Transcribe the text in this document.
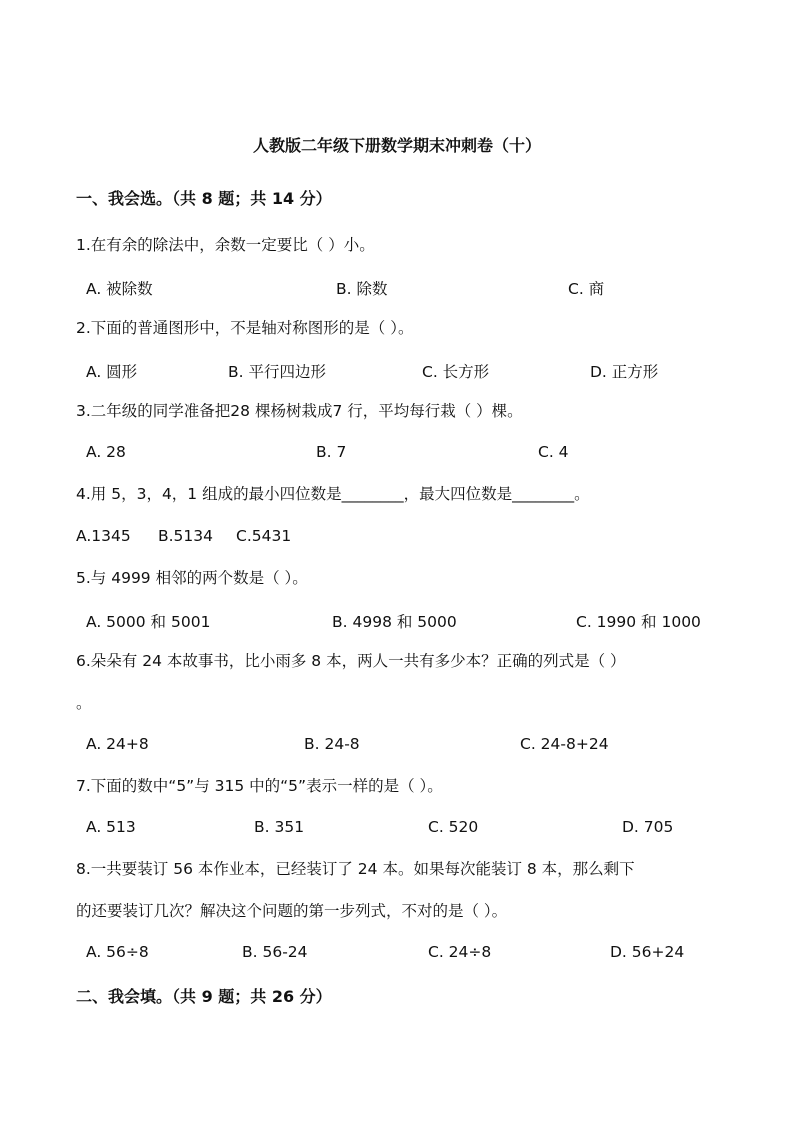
人教版二年级下册数学期末冲刺卷（十）
一、我会选。（共 8 题；共 14 分）
1.在有余的除法中，余数一定要比（ ）小。
A. 被除数	B. 除数	C. 商
2.下面的普通图形中，不是轴对称图形的是（ ）。
A. 圆形	B. 平行四边形	C. 长方形	D. 正方形
3.二年级的同学准备把28 棵杨树栽成7 行，平均每行栽（ ）棵。
A. 28	B. 7	C. 4
4.用 5，3，4，1 组成的最小四位数是________，最大四位数是________。
A.1345 B.5134 C.5431
5.与 4999 相邻的两个数是（ ）。
A. 5000 和 5001	B. 4998 和 5000	C. 1990 和 1000
6.朵朵有 24 本故事书，比小雨多 8 本，两人一共有多少本？正确的列式是（ ）
。
A. 24+8	B. 24-8	C. 24-8+24
7.下面的数中“5”与 315 中的“5”表示一样的是（ ）。
A. 513	B. 351	C. 520	D. 705
8.一共要装订 56 本作业本，已经装订了 24 本。如果每次能装订 8 本，那么剩下
的还要装订几次？解决这个问题的第一步列式，不对的是（ ）。
A. 56÷8	B. 56-24	C. 24÷8	D. 56+24
二、我会填。（共 9 题；共 26 分）
